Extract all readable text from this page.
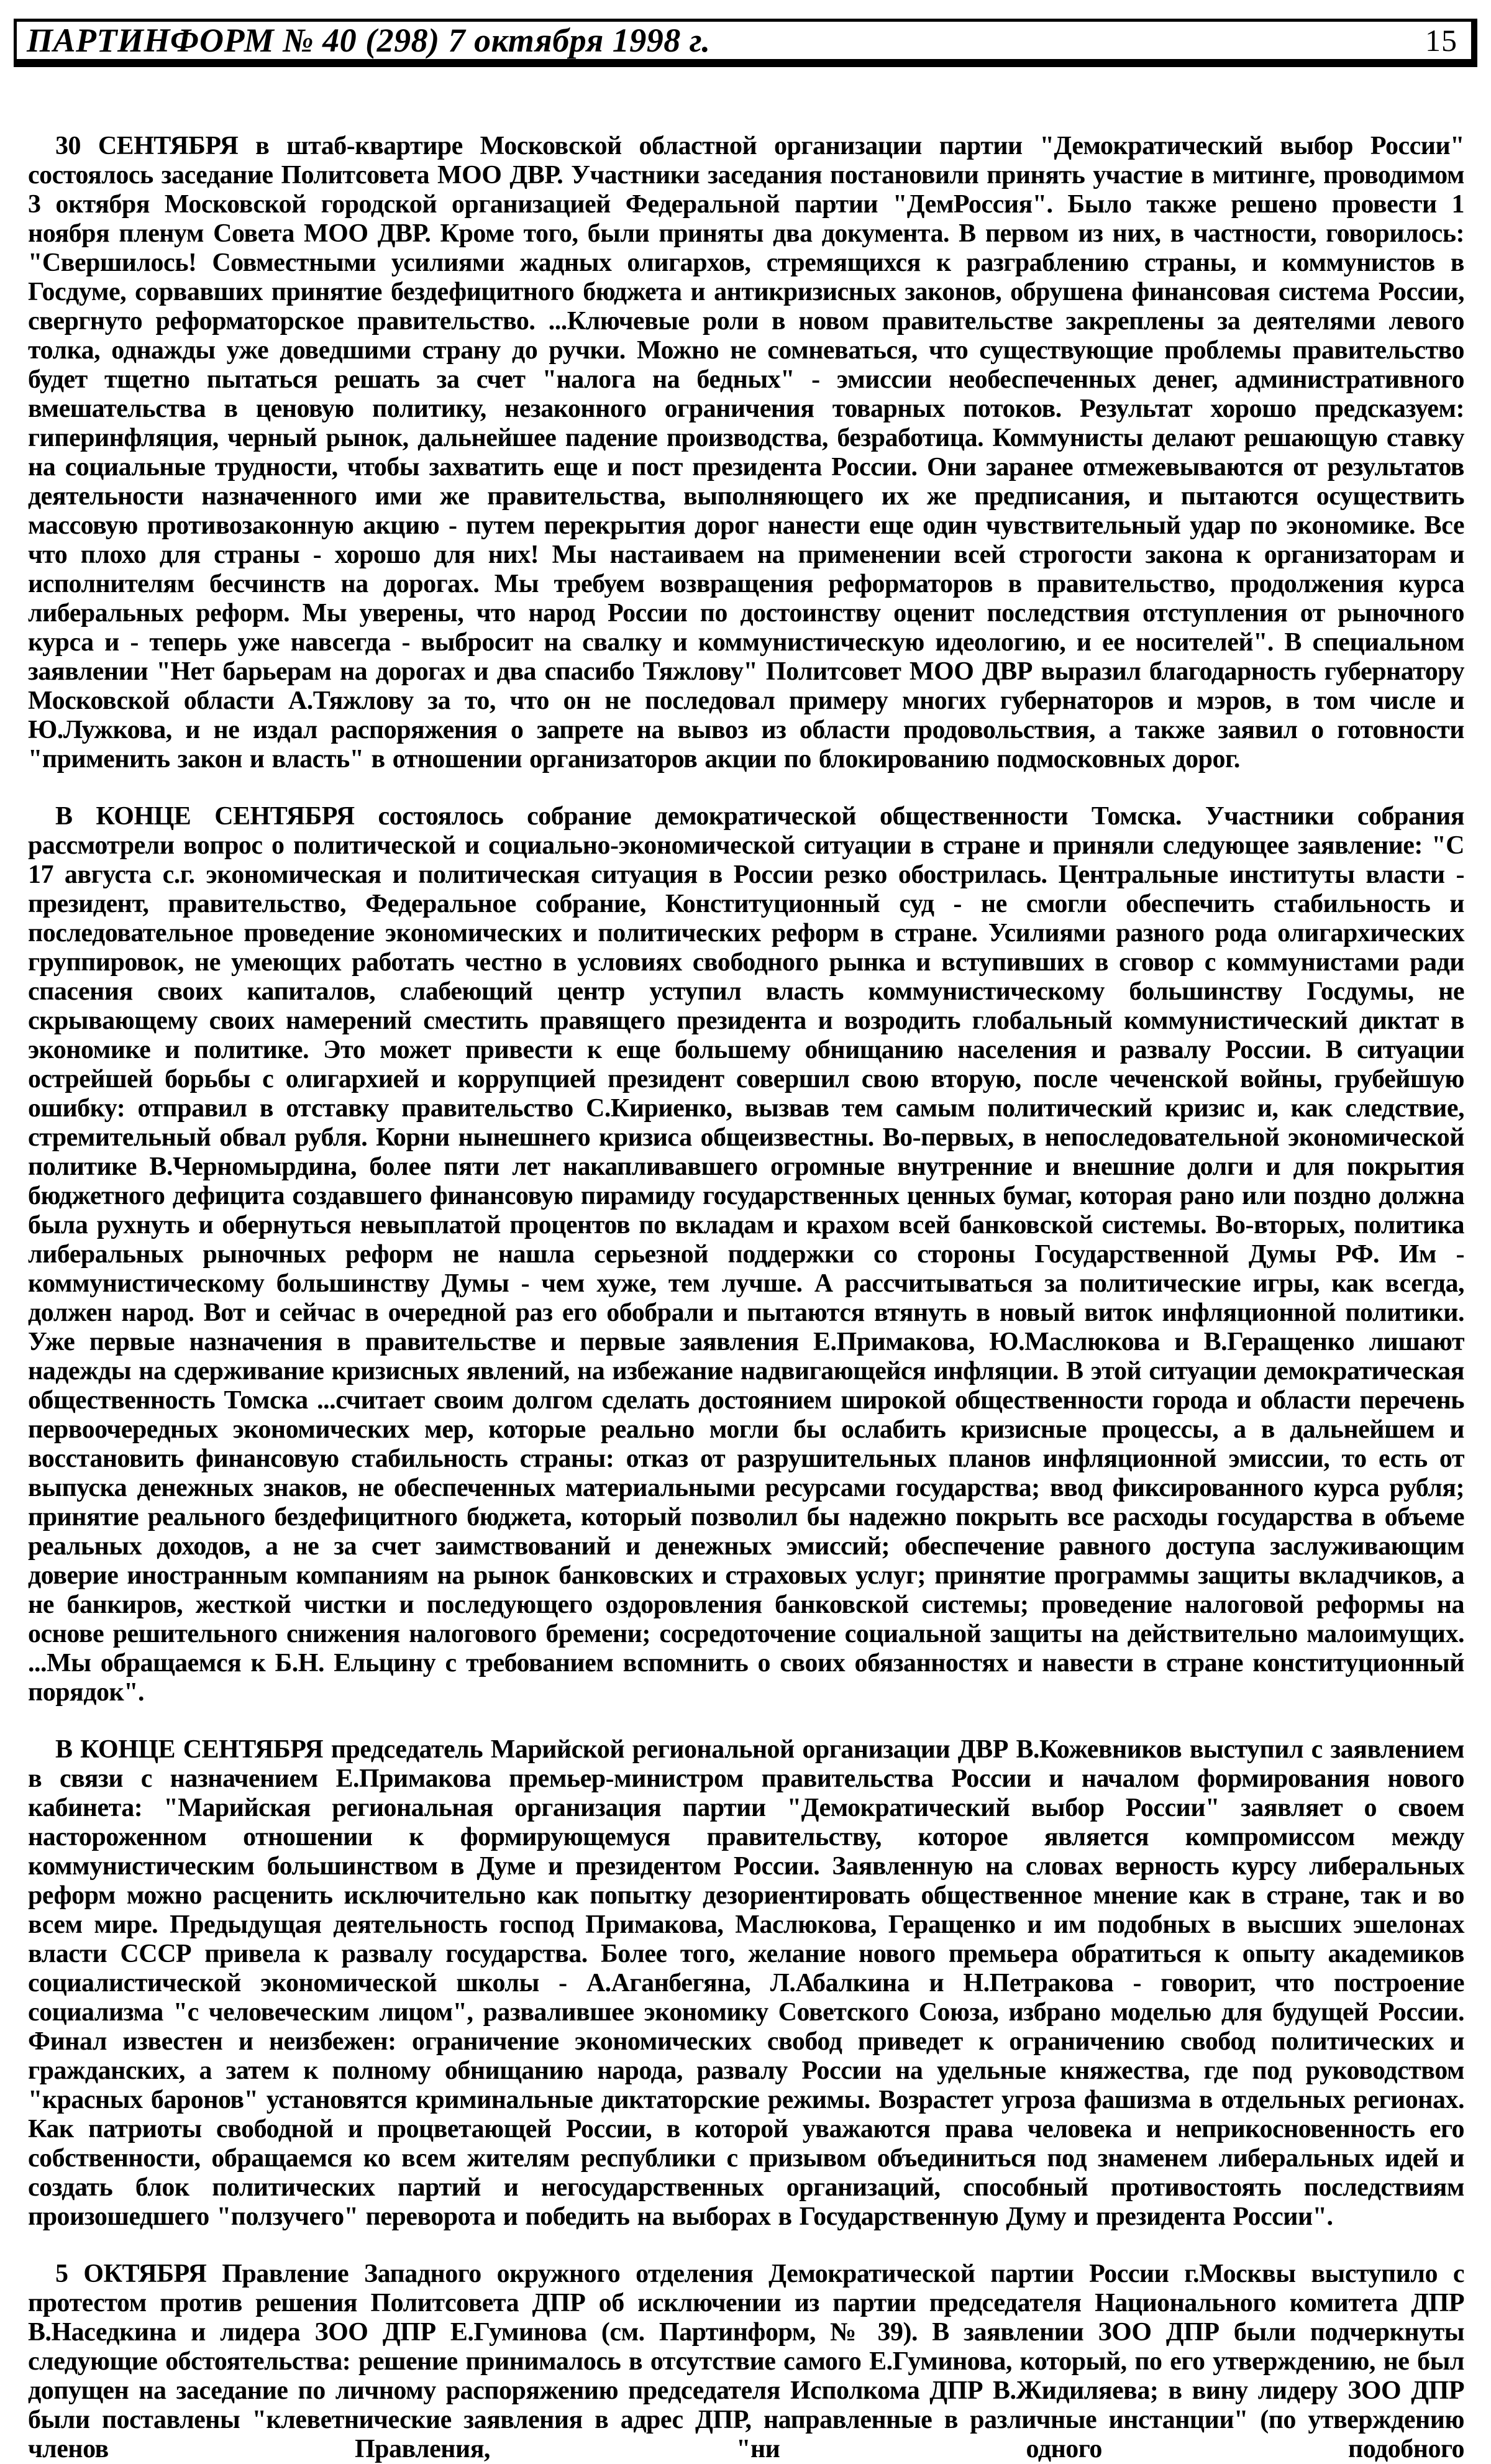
ПАРТИНФОРМ № 40 (298) 7 октября 1998 г.	15

30 СЕНТЯБРЯ в штаб-квартире Московской областной организации партии "Демократический выбор России" состоялось заседание Политсовета МОО ДВР. Участники заседания постановили принять участие в митинге, проводимом 3 октября Московской городской организацией Федеральной партии "ДемРоссия". Было также решено провести 1 ноября пленум Совета МОО ДВР. Кроме того, были приняты два документа. В первом из них, в частности, говорилось: "Свершилось! Совместными усилиями жадных олигархов, стремящихся к разграблению страны, и коммунистов в Госдуме, сорвавших принятие бездефицитного бюджета и антикризисных законов, обрушена финансовая система России, свергнуто реформаторское правительство. ...Ключевые роли в новом правительстве закреплены за деятелями левого толка, однажды уже доведшими страну до ручки. Можно не сомневаться, что существующие проблемы правительство будет тщетно пытаться решать за счет "налога на бедных" - эмиссии необеспеченных денег, административного вмешательства в ценовую политику, незаконного ограничения товарных потоков. Результат хорошо предсказуем: гиперинфляция, черный рынок, дальнейшее падение производства, безработица. Коммунисты делают решающую ставку на социальные трудности, чтобы захватить еще и пост президента России. Они заранее отмежевываются от результатов деятельности назначенного ими же правительства, выполняющего их же предписания, и пытаются осуществить массовую противозаконную акцию - путем перекрытия дорог нанести еще один чувствительный удар по экономике. Все что плохо для страны - хорошо для них! Мы настаиваем на применении всей строгости закона к организаторам и исполнителям бесчинств на дорогах. Мы требуем возвращения реформаторов в правительство, продолжения курса либеральных реформ. Мы уверены, что народ России по достоинству оценит последствия отступления от рыночного курса и - теперь уже навсегда - выбросит на свалку и коммунистическую идеологию, и ее носителей". В специальном заявлении "Нет барьерам на дорогах и два спасибо Тяжлову" Политсовет МОО ДВР выразил благодарность губернатору Московской области А.Тяжлову за то, что он не последовал примеру многих губернаторов и мэров, в том числе и Ю.Лужкова, и не издал распоряжения о запрете на вывоз из области продовольствия, а также заявил о готовности "применить закон и власть" в отношении организаторов акции по блокированию подмосковных дорог.

В КОНЦЕ СЕНТЯБРЯ состоялось собрание демократической общественности Томска. Участники собрания рассмотрели вопрос о политической и социально-экономической ситуации в стране и приняли следующее заявление: "С 17 августа с.г. экономическая и политическая ситуация в России резко обострилась. Центральные институты власти - президент, правительство, Федеральное собрание, Конституционный суд - не смогли обеспечить стабильность и последовательное проведение экономических и политических реформ в стране. Усилиями разного рода олигархических группировок, не умеющих работать честно в условиях свободного рынка и вступивших в сговор с коммунистами ради спасения своих капиталов, слабеющий центр уступил власть коммунистическому большинству Госдумы, не скрывающему своих намерений сместить правящего президента и возродить глобальный коммунистический диктат в экономике и политике. Это может привести к еще большему обнищанию населения и развалу России. В ситуации острейшей борьбы с олигархией и коррупцией президент совершил свою вторую, после чеченской войны, грубейшую ошибку: отправил в отставку правительство С.Кириенко, вызвав тем самым политический кризис и, как следствие, стремительный обвал рубля. Корни нынешнего кризиса общеизвестны. Во-первых, в непоследовательной экономической политике В.Черномырдина, более пяти лет накапливавшего огромные внутренние и внешние долги и для покрытия бюджетного дефицита создавшего финансовую пирамиду государственных ценных бумаг, которая рано или поздно должна была рухнуть и обернуться невыплатой процентов по вкладам и крахом всей банковской системы. Во-вторых, политика либеральных рыночных реформ не нашла серьезной поддержки со стороны Государственной Думы РФ. Им - коммунистическому большинству Думы - чем хуже, тем лучше. А рассчитываться за политические игры, как всегда, должен народ. Вот и сейчас в очередной раз его обобрали и пытаются втянуть в новый виток инфляционной политики. Уже первые назначения в правительстве и первые заявления Е.Примакова, Ю.Маслюкова и В.Геращенко лишают надежды на сдерживание кризисных явлений, на избежание надвигающейся инфляции. В этой ситуации демократическая общественность Томска ...считает своим долгом сделать достоянием широкой общественности города и области перечень первоочередных экономических мер, которые реально могли бы ослабить кризисные процессы, а в дальнейшем и восстановить финансовую стабильность страны: отказ от разрушительных планов инфляционной эмиссии, то есть от выпуска денежных знаков, не обеспеченных материальными ресурсами государства; ввод фиксированного курса рубля; принятие реального бездефицитного бюджета, который позволил бы надежно покрыть все расходы государства в объеме реальных доходов, а не за счет заимствований и денежных эмиссий; обеспечение равного доступа заслуживающим доверие иностранным компаниям на рынок банковских и страховых услуг; принятие программы защиты вкладчиков, а не банкиров, жесткой чистки и последующего оздоровления банковской системы; проведение налоговой реформы на основе решительного снижения налогового бремени; сосредоточение социальной защиты на действительно малоимущих. ...Мы обращаемся к Б.Н. Ельцину с требованием вспомнить о своих обязанностях и навести в стране конституционный порядок".

В КОНЦЕ СЕНТЯБРЯ председатель Марийской региональной организации ДВР В.Кожевников выступил с заявлением в связи с назначением Е.Примакова премьер-министром правительства России и началом формирования нового кабинета: "Марийская региональная организация партии "Демократический выбор России" заявляет о своем настороженном отношении к формирующемуся правительству, которое является компромиссом между коммунистическим большинством в Думе и президентом России. Заявленную на словах верность курсу либеральных реформ можно расценить исключительно как попытку дезориентировать общественное мнение как в стране, так и во всем мире. Предыдущая деятельность господ Примакова, Маслюкова, Геращенко и им подобных в высших эшелонах власти СССР привела к развалу государства. Более того, желание нового премьера обратиться к опыту академиков социалистической экономической школы - А.Аганбегяна, Л.Абалкина и Н.Петракова - говорит, что построение социализма "с человеческим лицом", развалившее экономику Советского Союза, избрано моделью для будущей России. Финал известен и неизбежен: ограничение экономических свобод приведет к ограничению свобод политических и гражданских, а затем к полному обнищанию народа, развалу России на удельные княжества, где под руководством "красных баронов" установятся криминальные диктаторские режимы. Возрастет угроза фашизма в отдельных регионах. Как патриоты свободной и процветающей России, в которой уважаются права человека и неприкосновенность его собственности, обращаемся ко всем жителям республики с призывом объединиться под знаменем либеральных идей и создать блок политических партий и негосударственных организаций, способный противостоять последствиям произошедшего "ползучего" переворота и победить на выборах в Государственную Думу и президента России".

5 ОКТЯБРЯ Правление Западного окружного отделения Демократической партии России г.Москвы выступило с протестом против решения Политсовета ДПР об исключении из партии председателя Национального комитета ДПР В.Наседкина и лидера ЗОО ДПР Е.Гуминова (см. Партинформ, № 39). В заявлении ЗОО ДПР были подчеркнуты следующие обстоятельства: решение принималось в отсутствие самого Е.Гуминова, который, по его утверждению, не был допущен на заседание по личному распоряжению председателя Исполкома ДПР В.Жидиляева; в вину лидеру ЗОО ДПР были поставлены "клеветнические заявления в адрес ДПР, направленные в различные инстанции" (по утверждению членов Правления, "ни одного подобного
